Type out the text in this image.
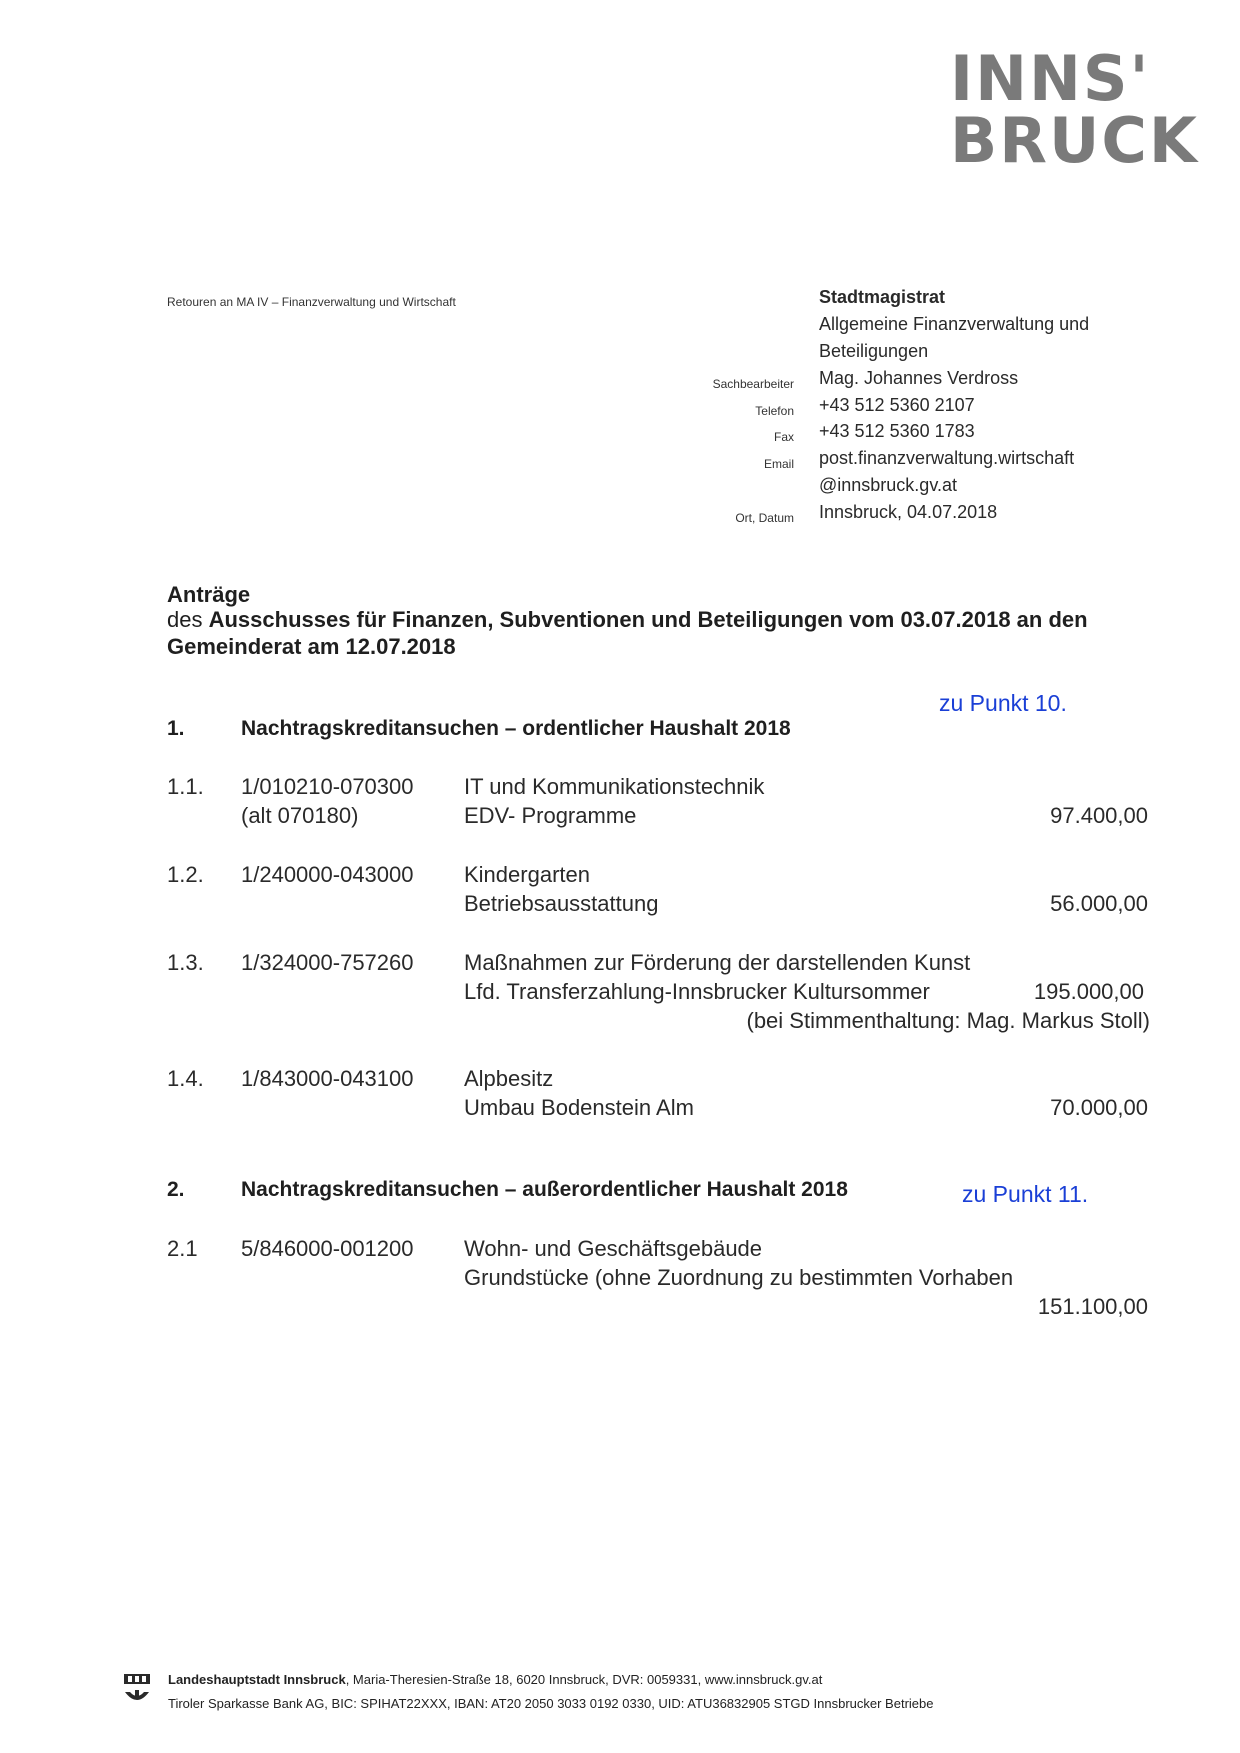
INNS'
BRUCK
Retouren an MA IV – Finanzverwaltung und Wirtschaft	Stadtmagistrat
Allgemeine Finanzverwaltung und
Beteiligungen
Sachbearbeiter Mag. Johannes Verdross
Telefon +43 512 5360 2107
Fax +43 512 5360 1783
Email post.finanzverwaltung.wirtschaft
@innsbruck.gv.at
Ort, Datum Innsbruck, 04.07.2018
Anträge
des Ausschusses für Finanzen, Subventionen und Beteiligungen vom 03.07.2018 an den
Gemeinderat am 12.07.2018
zu Punkt 10.
1.	Nachtragskreditansuchen – ordentlicher Haushalt 2018
1.1. 1/010210-070300
(alt 070180)
IT und Kommunikationstechnik
EDV- Programme	97.400,00
1.2. 1/240000-043000 Kindergarten
Betriebsausstattung	56.000,00
1.3. 1/324000-757260 Maßnahmen zur Förderung der darstellenden Kunst
Lfd. Transferzahlung-Innsbrucker Kultursommer	195.000,00
(bei Stimmenthaltung: Mag. Markus Stoll)
1.4. 1/843000-043100 Alpbesitz
Umbau Bodenstein Alm	70.000,00
2.	Nachtragskreditansuchen – außerordentlicher Haushalt 2018	zu Punkt 11.
2.1 5/846000-001200 Wohn- und Geschäftsgebäude
Grundstücke (ohne Zuordnung zu bestimmten Vorhaben
151.100,00
Landeshauptstadt Innsbruck, Maria-Theresien-Straße 18, 6020 Innsbruck, DVR: 0059331, www.innsbruck.gv.at
Tiroler Sparkasse Bank AG, BIC: SPIHAT22XXX, IBAN: AT20 2050 3033 0192 0330, UID: ATU36832905 STGD Innsbrucker Betriebe
